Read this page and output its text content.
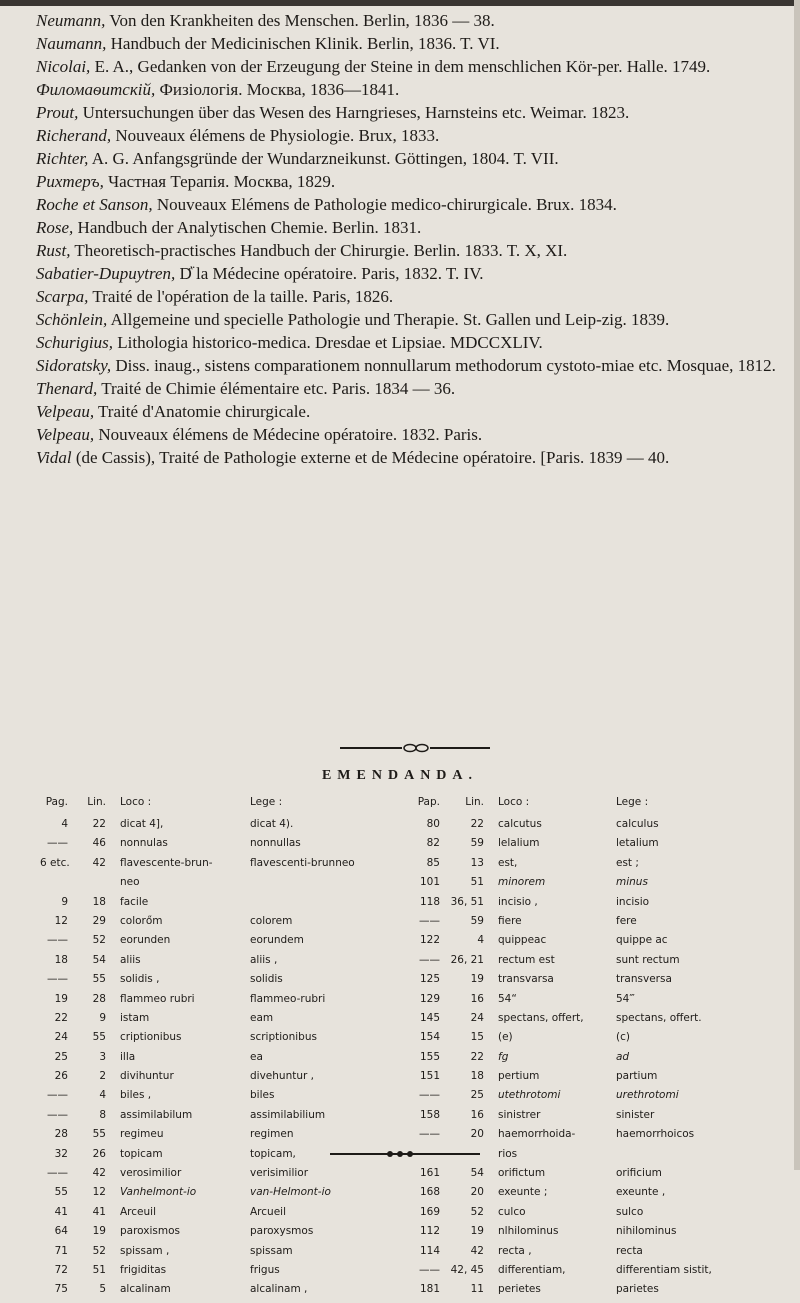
Neumann, Von den Krankheiten des Menschen. Berlin, 1836 — 38.
Naumann, Handbuch der Medicinischen Klinik. Berlin, 1836. T. VI.
Nicolai, E. A., Gedanken von der Erzeugung der Steine in dem menschlichen Kör-per. Halle. 1749.
Филомаѳитскій, Физіологія. Москва, 1836—1841.
Prout, Untersuchungen über das Wesen des Harngrieses, Harnsteins etc. Weimar. 1823.
Richerand, Nouveaux élémens de Physiologie. Brux, 1833.
Richter, A. G. Anfangsgründe der Wundarzneikunst. Göttingen, 1804. T. VII.
Рихтеръ, Частная Терапія. Москва, 1829.
Roche et Sanson, Nouveaux Elémens de Pathologie medico-chirurgicale. Brux. 1834.
Rose, Handbuch der Analytischen Chemie. Berlin. 1831.
Rust, Theoretisch-practisches Handbuch der Chirurgie. Berlin. 1833. T. X, XI.
Sabatier-Dupuytren, D᷀ la Médecine opératoire. Paris, 1832. T. IV.
Scarpa, Traité de l'opération de la taille. Paris, 1826.
Schönlein, Allgemeine und specielle Pathologie und Therapie. St. Gallen und Leip-zig. 1839.
Schurigius, Lithologia historico-medica. Dresdae et Lipsiae. MDCCXLIV.
Sidoratsky, Diss. inaug., sistens comparationem nonnullarum methodorum cystoto-miae etc. Mosquae, 1812.
Thenard, Traité de Chimie élémentaire etc. Paris. 1834 — 36.
Velpeau, Traité d'Anatomie chirurgicale.
Velpeau, Nouveaux élémens de Médecine opératoire. 1832. Paris.
Vidal (de Cassis), Traité de Pathologie externe et de Médecine opératoire. [Paris. 1839 — 40.
EMENDANDA.
Pag.	Lin. Loco :	Lege :
4	22 dicat 4],	dicat 4).
——	46 nonnulas	nonnullas
6 etc.	42 flavescente-brun-	flavescenti-brunneo
neo
9	18 facile
12	29 colorőm	colorem
——	52 eorunden	eorundem
18	54 aliis	aliis ,
——	55 solidis ,	solidis
19	28 flammeo rubri	flammeo-rubri
22	9 istam	eam
24	55 criptionibus	scriptionibus
25	3 illa	ea
26	2 divihuntur	divehuntur ,
——	4 biles ,	biles
——	8 assimilabilum	assimilabilium
28	55 regimeu	regimen
32	26 topicam	topicam,
——	42 verosimilior	verisimilior
55	12 Vanhelmont-io	van-Helmont-io
41	41 Arceuil	Arcueil
64	19 paroxismos	paroxysmos
71	52 spissam ,	spissam
72	51 frigiditas	frigus
75	5 alcalinam	alcalinam ,
Pap.	Lin. Loco :	Lege :
80	22 calcutus	calculus
82	59 lelalium	letalium
85	13 est,	est ;
101	51 minorem	minus
118	36, 51 incisio ,	incisio
——	59 fiere	fere
122	4 quippeac	quippe ac
——	26, 21 rectum est	sunt rectum
125	19 transvarsa	transversa
129	16 54“	54‴
145	24 spectans, offert,	spectans, offert.
154	15 (e)	(c)
155	22 fg	ad
151	18 pertium	partium
——	25 utethrotomi	urethrotomi
158	16 sinistrer	sinister
——	20 haemorrhoida-	haemorrhoicos
rios
161	54 orifictum	orificium
168	20 exeunte ;	exeunte ,
169	52 culco	sulco
112	19 nlhilominus	nihilominus
114	42 recta ,	recta
——	42, 45 differentiam,	differentiam sistit,
181	11 perietes	parietes
